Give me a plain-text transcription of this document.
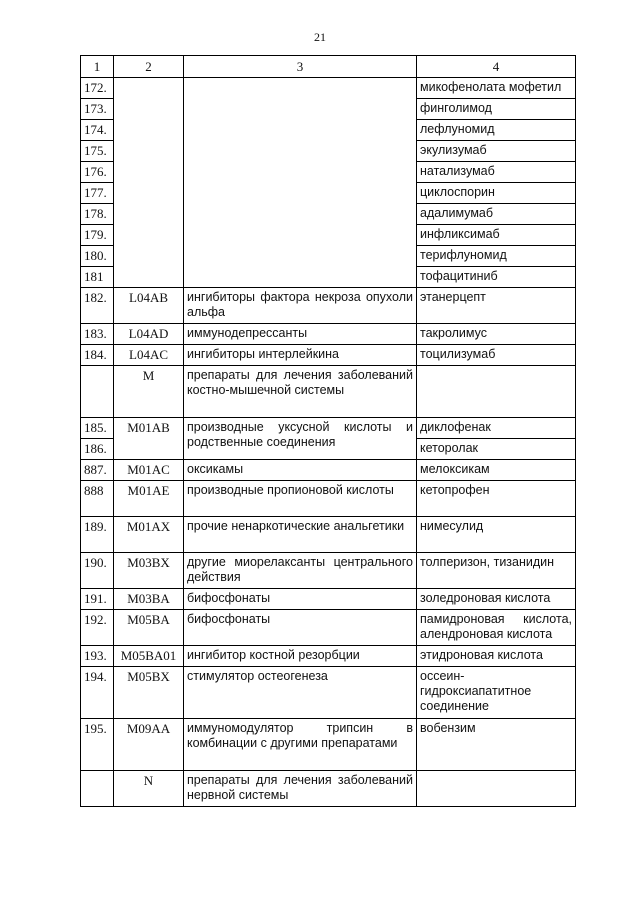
21
1	2	3	4
172.			микофенолата мофетил
173.			финголимод
174.			лефлуномид
175.			экулизумаб
176.			натализумаб
177.			циклоспорин
178.			адалимумаб
179.			инфликсимаб
180.			терифлуномид
181			тофацитиниб
182.	L04AB	ингибиторы фактора некроза опухоли альфа	этанерцепт
183.	L04AD	иммунодепрессанты	такролимус
184.	L04AC	ингибиторы интерлейкина	тоцилизумаб
	M	препараты для лечения заболеваний костно-мышечной системы	
185.	M01AB	производные уксусной кислоты и родственные соединения	диклофенак
186.			кеторолак
887.	M01AC	оксикамы	мелоксикам
888	M01AE	производные пропионовой кислоты	кетопрофен
189.	M01AX	прочие ненаркотические анальгетики	нимесулид
190.	M03BX	другие миорелаксанты центрального действия	толперизон, тизанидин
191.	M03BA	бифосфонаты	золедроновая кислота
192.	M05BA	бифосфонаты	памидроновая кислота, алендроновая кислота
193.	M05BA01	ингибитор костной резорбции	этидроновая кислота
194.	M05BX	стимулятор остеогенеза	оссеин-гидроксиапатитное соединение
195.	M09AA	иммуномодулятор трипсин в комбинации с другими препаратами	вобензим
	N	препараты для лечения заболеваний нервной системы	
